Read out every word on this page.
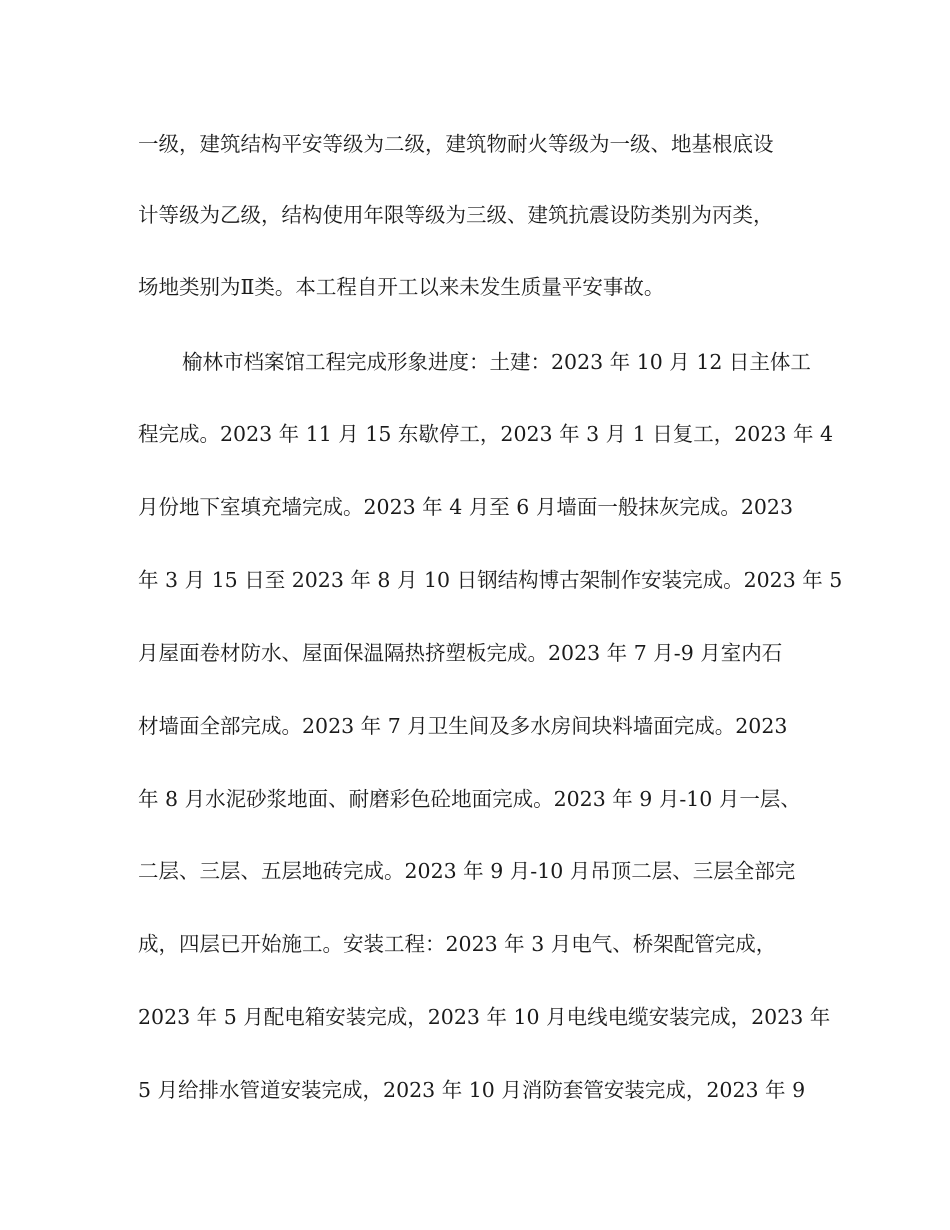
一级，建筑结构平安等级为二级，建筑物耐火等级为一级、地基根底设
计等级为乙级，结构使用年限等级为三级、建筑抗震设防类别为丙类，
场地类别为Ⅱ类。本工程自开工以来未发生质量平安事故。
榆林市档案馆工程完成形象进度：土建：2023 年 10 月 12 日主体工
程完成。2023 年 11 月 15 东歇停工，2023 年 3 月 1 日复工，2023 年 4
月份地下室填充墙完成。2023 年 4 月至 6 月墙面一般抹灰完成。2023
年 3 月 15 日至 2023 年 8 月 10 日钢结构博古架制作安装完成。2023 年 5
月屋面卷材防水、屋面保温隔热挤塑板完成。2023 年 7 月-9 月室内石
材墙面全部完成。2023 年 7 月卫生间及多水房间块料墙面完成。2023
年 8 月水泥砂浆地面、耐磨彩色砼地面完成。2023 年 9 月-10 月一层、
二层、三层、五层地砖完成。2023 年 9 月-10 月吊顶二层、三层全部完
成，四层已开始施工。安装工程：2023 年 3 月电气、桥架配管完成，
2023 年 5 月配电箱安装完成，2023 年 10 月电线电缆安装完成，2023 年
5 月给排水管道安装完成，2023 年 10 月消防套管安装完成，2023 年 9
